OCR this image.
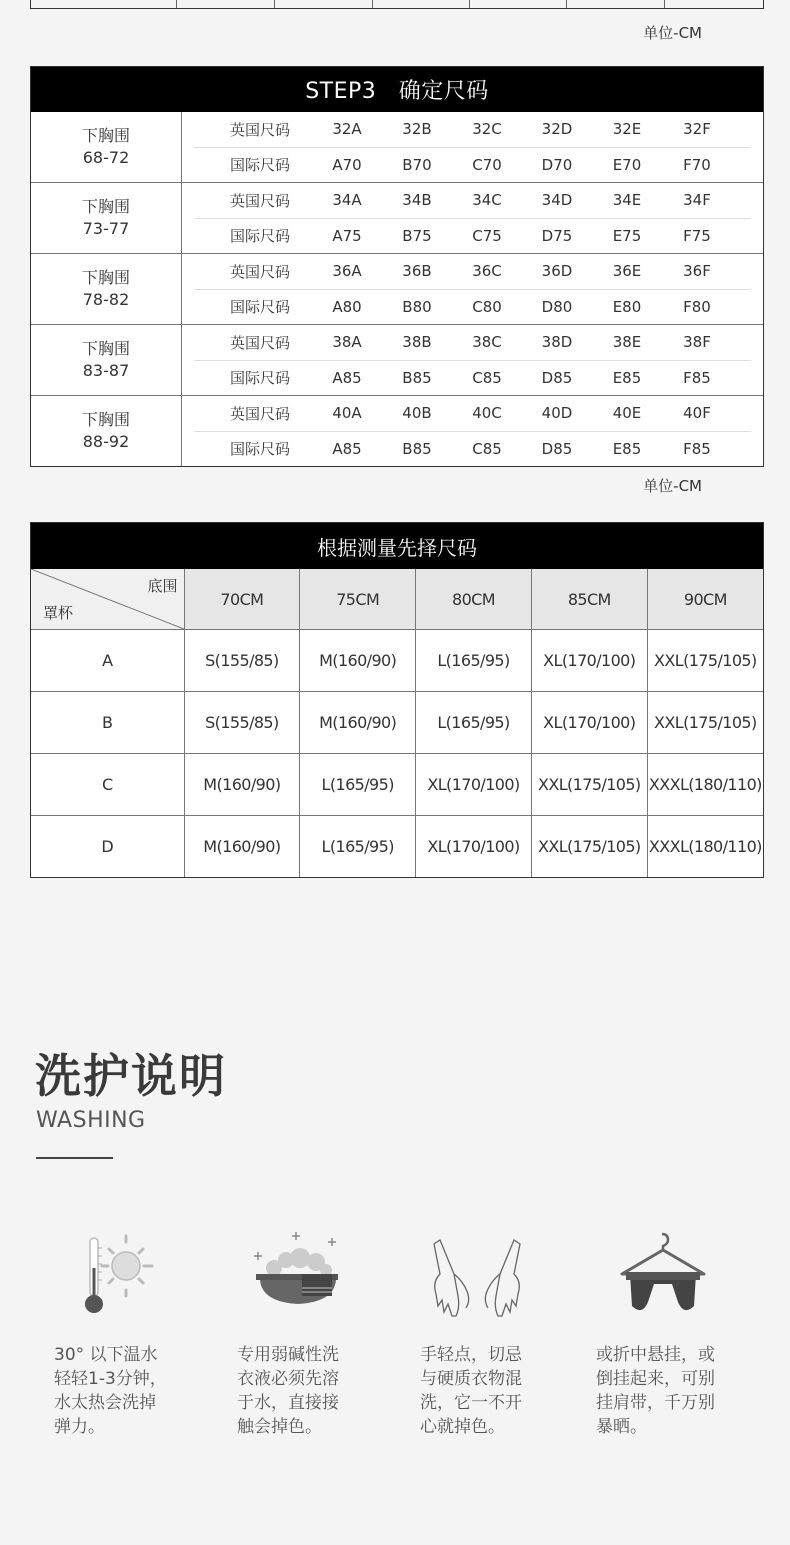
单位-CM
STEP3　确定尺码
下胸围
68-72
英国尺码	32A	32B	32C	32D	32E	32F
国际尺码	A70	B70	C70	D70	E70	F70
下胸围
73-77
英国尺码	34A	34B	34C	34D	34E	34F
国际尺码	A75	B75	C75	D75	E75	F75
下胸围
78-82
英国尺码	36A	36B	36C	36D	36E	36F
国际尺码	A80	B80	C80	D80	E80	F80
下胸围
83-87
英国尺码	38A	38B	38C	38D	38E	38F
国际尺码	A85	B85	C85	D85	E85	F85
下胸围
88-92
英国尺码	40A	40B	40C	40D	40E	40F
国际尺码	A85	B85	C85	D85	E85	F85
单位-CM
根据测量先择尺码
底围
罩杯	70CM	75CM	80CM	85CM	90CM
A	S(155/85)	M(160/90)	L(165/95)	XL(170/100)	XXL(175/105)
B	S(155/85)	M(160/90)	L(165/95)	XL(170/100)	XXL(175/105)
C	M(160/90)	L(165/95)	XL(170/100)	XXL(175/105)	XXXL(180/110)
D	M(160/90)	L(165/95)	XL(170/100)	XXL(175/105)	XXXL(180/110)
洗护说明
WASHING
30° 以下温水
轻轻1-3分钟，
水太热会洗掉
弹力。
专用弱碱性洗
衣液必须先溶
于水，直接接
触会掉色。
手轻点，切忌
与硬质衣物混
洗，它一不开
心就掉色。
或折中悬挂，或
倒挂起来，可别
挂肩带，千万别
暴晒。
